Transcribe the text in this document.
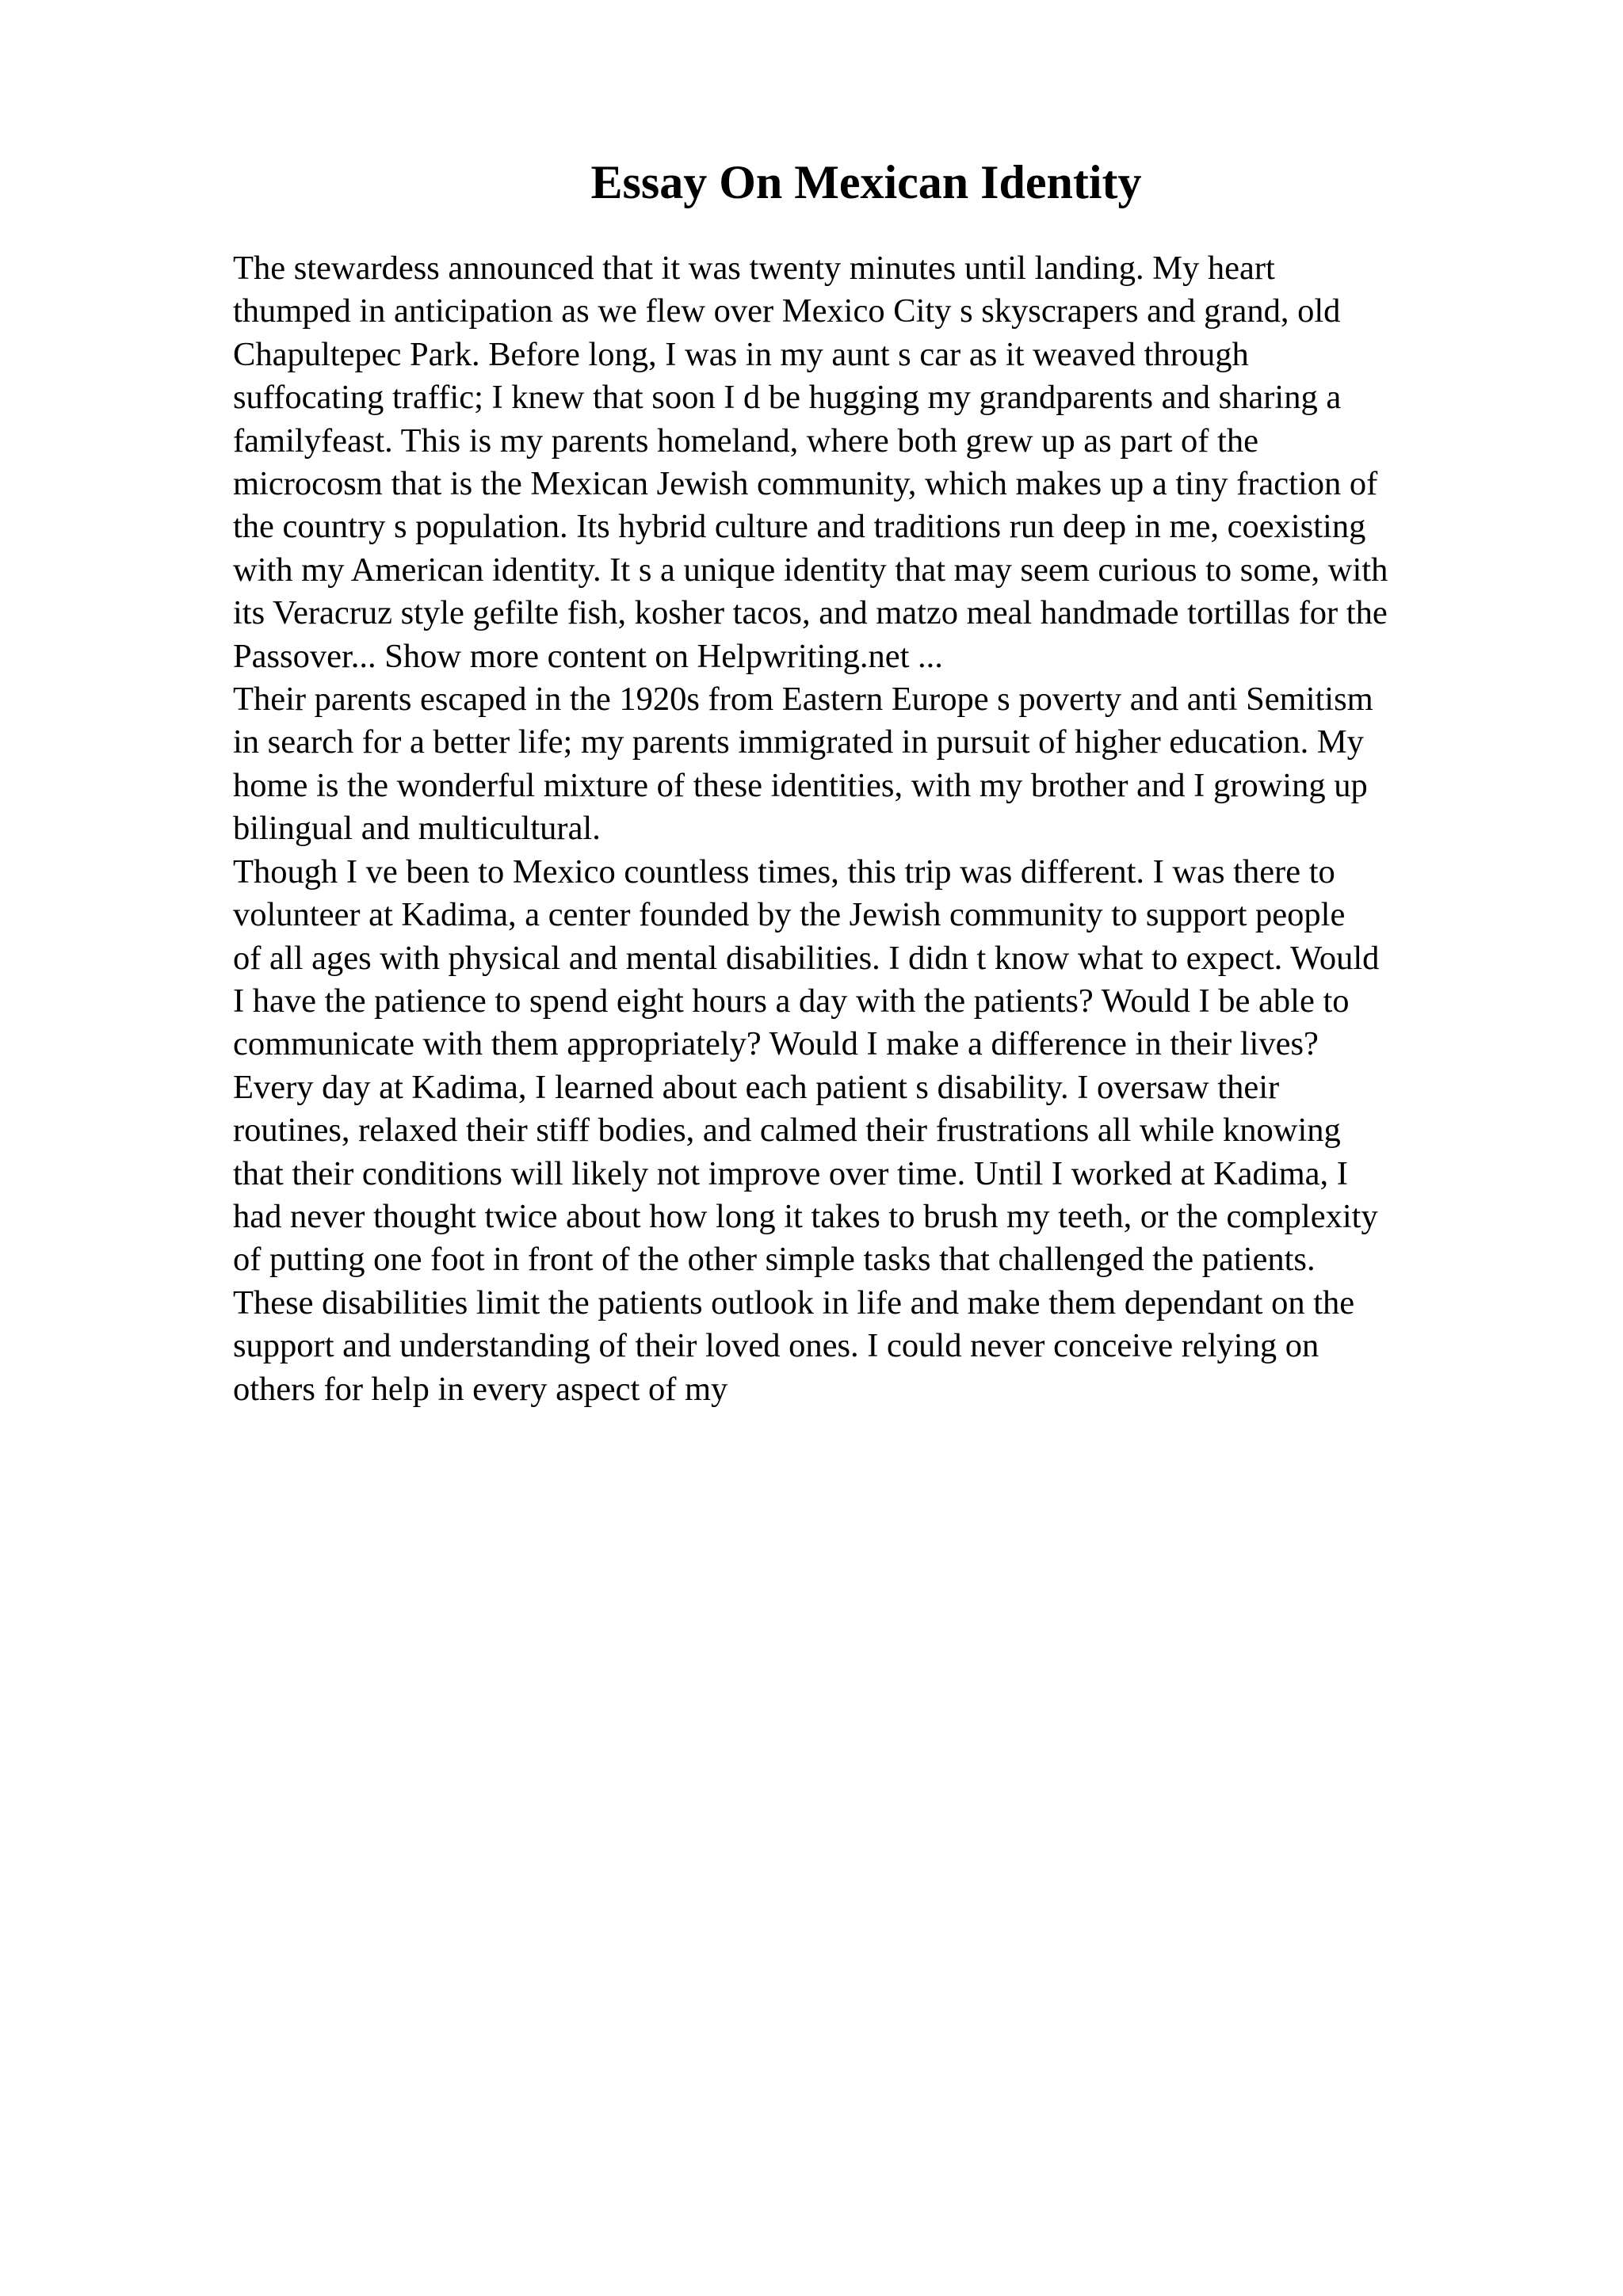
Essay On Mexican Identity
The stewardess announced that it was twenty minutes until landing. My heart
thumped in anticipation as we flew over Mexico City s skyscrapers and grand, old
Chapultepec Park. Before long, I was in my aunt s car as it weaved through
suffocating traffic; I knew that soon I d be hugging my grandparents and sharing a
familyfeast. This is my parents homeland, where both grew up as part of the
microcosm that is the Mexican Jewish community, which makes up a tiny fraction of
the country s population. Its hybrid culture and traditions run deep in me, coexisting
with my American identity. It s a unique identity that may seem curious to some, with
its Veracruz style gefilte fish, kosher tacos, and matzo meal handmade tortillas for the
Passover... Show more content on Helpwriting.net ...
Their parents escaped in the 1920s from Eastern Europe s poverty and anti Semitism
in search for a better life; my parents immigrated in pursuit of higher education. My
home is the wonderful mixture of these identities, with my brother and I growing up
bilingual and multicultural.
Though I ve been to Mexico countless times, this trip was different. I was there to
volunteer at Kadima, a center founded by the Jewish community to support people
of all ages with physical and mental disabilities. I didn t know what to expect. Would
I have the patience to spend eight hours a day with the patients? Would I be able to
communicate with them appropriately? Would I make a difference in their lives?
Every day at Kadima, I learned about each patient s disability. I oversaw their
routines, relaxed their stiff bodies, and calmed their frustrations all while knowing
that their conditions will likely not improve over time. Until I worked at Kadima, I
had never thought twice about how long it takes to brush my teeth, or the complexity
of putting one foot in front of the other simple tasks that challenged the patients.
These disabilities limit the patients outlook in life and make them dependant on the
support and understanding of their loved ones. I could never conceive relying on
others for help in every aspect of my
